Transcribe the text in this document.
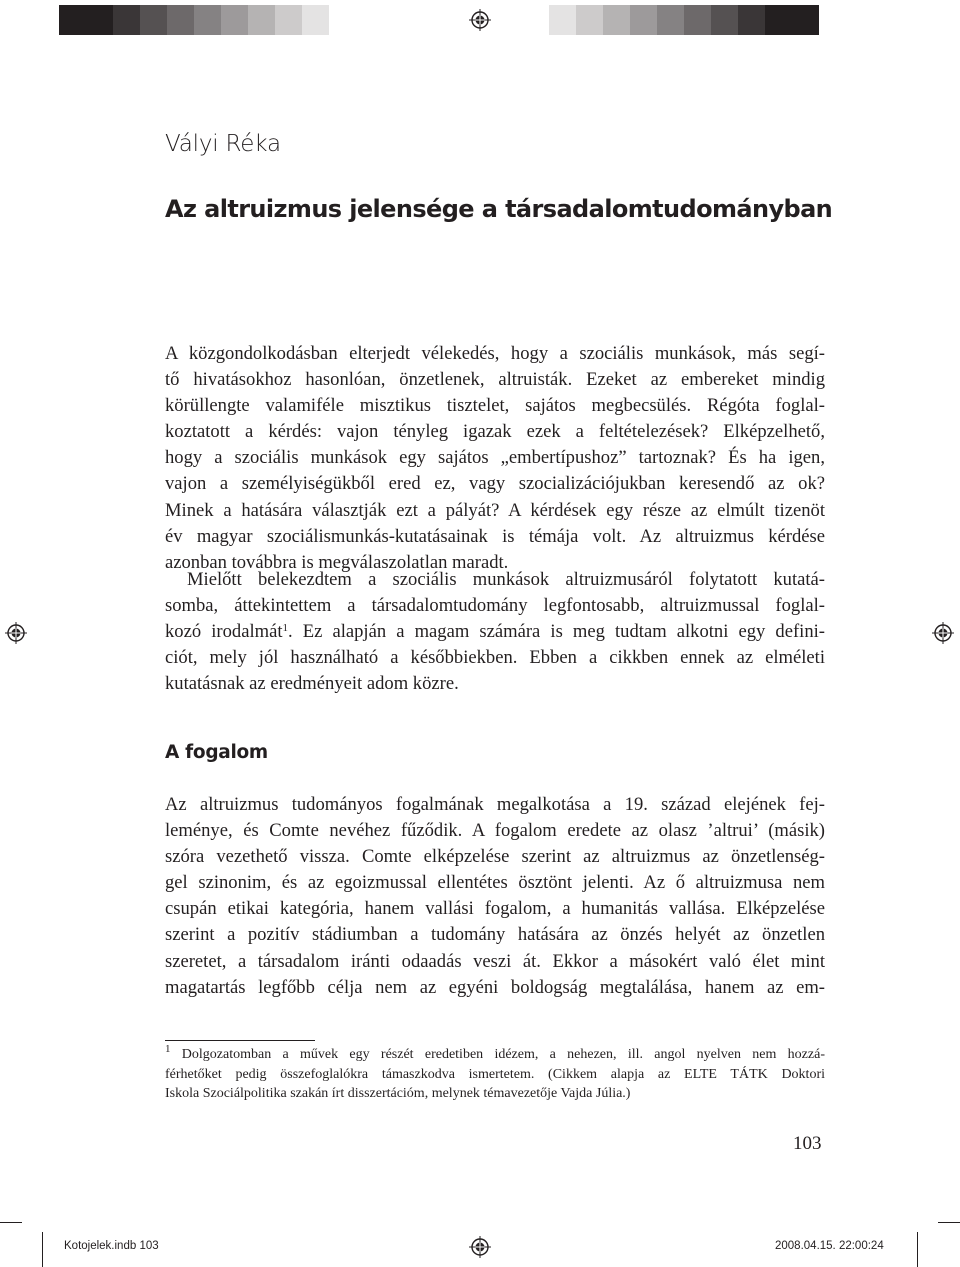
Vályi Réka
Az altruizmus jelensége a társadalomtudományban
A közgondolkodásban elterjedt vélekedés, hogy a szociális munkások, más segí-
tő hivatásokhoz hasonlóan, önzetlenek, altruisták. Ezeket az embereket mindig
körüllengte valamiféle misztikus tisztelet, sajátos megbecsülés. Régóta foglal-
koztatott a kérdés: vajon tényleg igazak ezek a feltételezések? Elképzelhető,
hogy a szociális munkások egy sajátos „embertípushoz” tartoznak? És ha igen,
vajon a személyiségükből ered ez, vagy szocializációjukban keresendő az ok?
Minek a hatására választják ezt a pályát? A kérdések egy része az elmúlt tizenöt
év magyar szociálismunkás-kutatásainak is témája volt. Az altruizmus kérdése
azonban továbbra is megválaszolatlan maradt.
Mielőtt belekezdtem a szociális munkások altruizmusáról folytatott kutatá-
somba, áttekintettem a társadalomtudomány legfontosabb, altruizmussal foglal-
kozó irodalmát$^1$. Ez alapján a magam számára is meg tudtam alkotni egy defini-
ciót, mely jól használható a későbbiekben. Ebben a cikkben ennek az elméleti
kutatásnak az eredményeit adom közre.
A fogalom
Az altruizmus tudományos fogalmának megalkotása a 19. század elejének fej-
leménye, és Comte nevéhez fűződik. A fogalom eredete az olasz ’altrui’ (másik)
szóra vezethető vissza. Comte elképzelése szerint az altruizmus az önzetlenség-
gel szinonim, és az egoizmussal ellentétes ösztönt jelenti. Az ő altruizmusa nem
csupán etikai kategória, hanem vallási fogalom, a humanitás vallása. Elképzelése
szerint a pozitív stádiumban a tudomány hatására az önzés helyét az önzetlen
szeretet, a társadalom iránti odaadás veszi át. Ekkor a másokért való élet mint
magatartás legfőbb célja nem az egyéni boldogság megtalálása, hanem az em-
$^1$ Dolgozatomban a művek egy részét eredetiben idézem, a nehezen, ill. angol nyelven nem hozzá-
férhetőket pedig összefoglalókra támaszkodva ismertetem. (Cikkem alapja az ELTE TÁTK Doktori
Iskola Szociálpolitika szakán írt disszertációm, melynek témavezetője Vajda Júlia.)
103
Kotojelek.indb 103	2008.04.15. 22:00:24
